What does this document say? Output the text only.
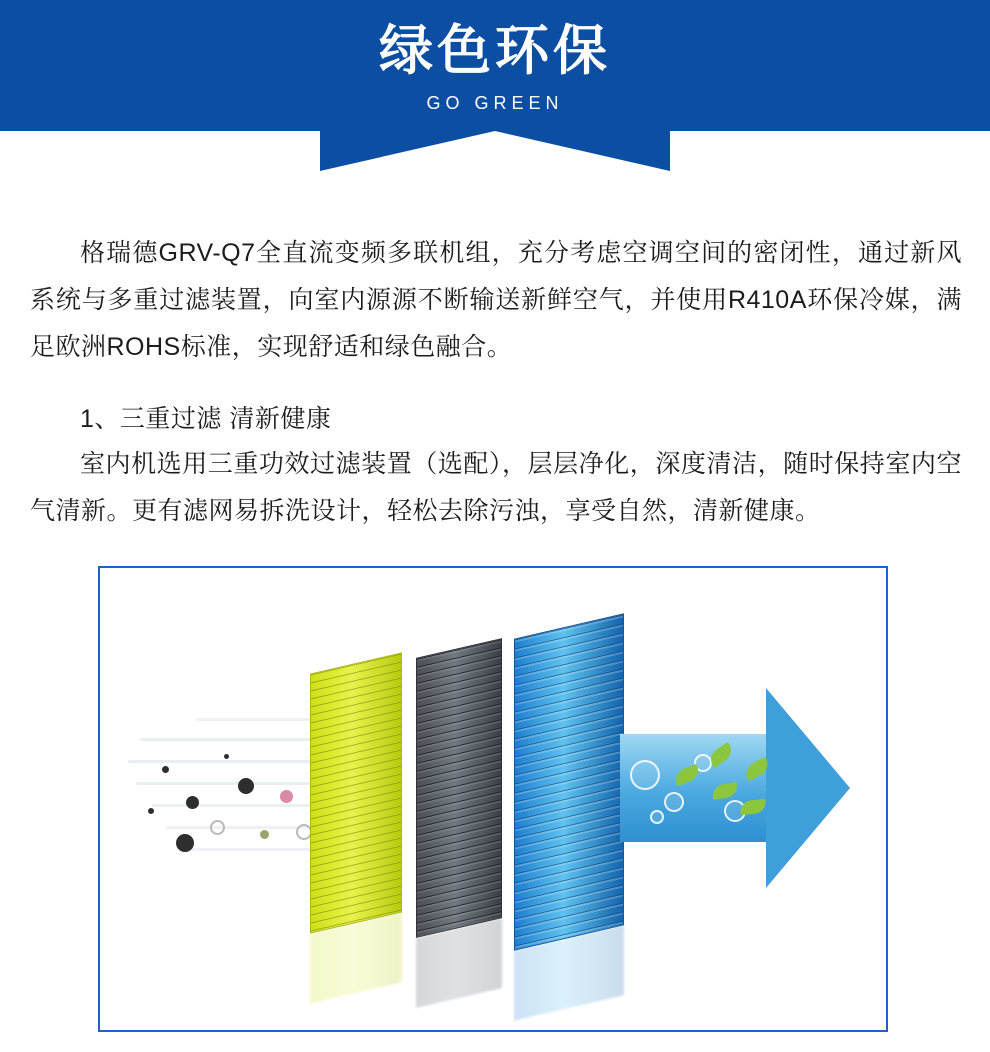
绿色环保
GO GREEN

格瑞德GRV-Q7全直流变频多联机组，充分考虑空调空间的密闭性，通过新风系统与多重过滤装置，向室内源源不断输送新鲜空气，并使用R410A环保冷媒，满足欧洲ROHS标准，实现舒适和绿色融合。

1、三重过滤 清新健康

室内机选用三重功效过滤装置（选配），层层净化，深度清洁，随时保持室内空气清新。更有滤网易拆洗设计，轻松去除污浊，享受自然，清新健康。
